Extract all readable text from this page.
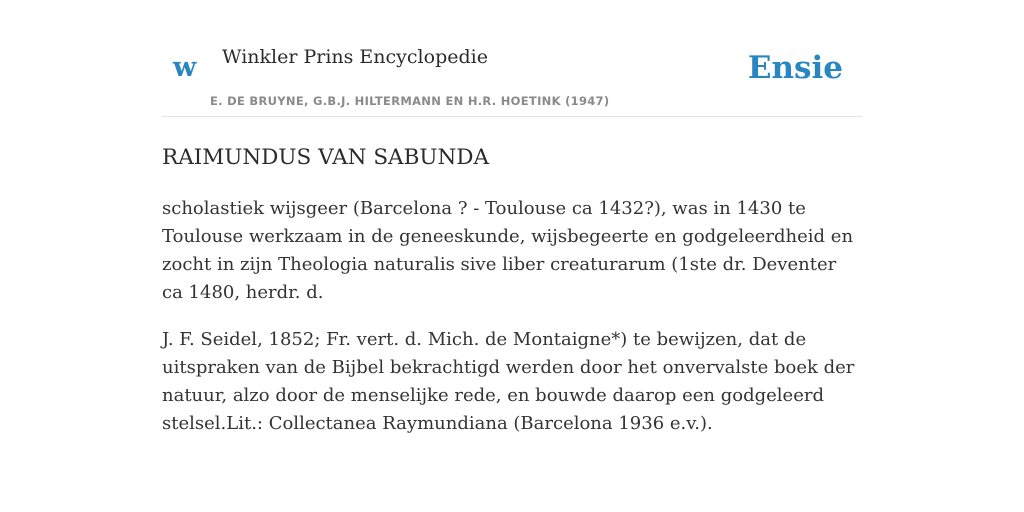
w Winkler Prins Encyclopedie
E. DE BRUYNE, G.B.J. HILTERMANN EN H.R. HOETINK (1947)
Ensie
RAIMUNDUS VAN SABUNDA

scholastiek wijsgeer (Barcelona ? - Toulouse ca 1432?), was in 1430 te Toulouse werkzaam in de geneeskunde, wijsbegeerte en godgeleerdheid en zocht in zijn Theologia naturalis sive liber creaturarum (1ste dr. Deventer ca 1480, herdr. d.

J. F. Seidel, 1852; Fr. vert. d. Mich. de Montaigne*) te bewijzen, dat de uitspraken van de Bijbel bekrachtigd werden door het onvervalste boek der natuur, alzo door de menselijke rede, en bouwde daarop een godgeleerd stelsel.Lit.: Collectanea Raymundiana (Barcelona 1936 e.v.).
